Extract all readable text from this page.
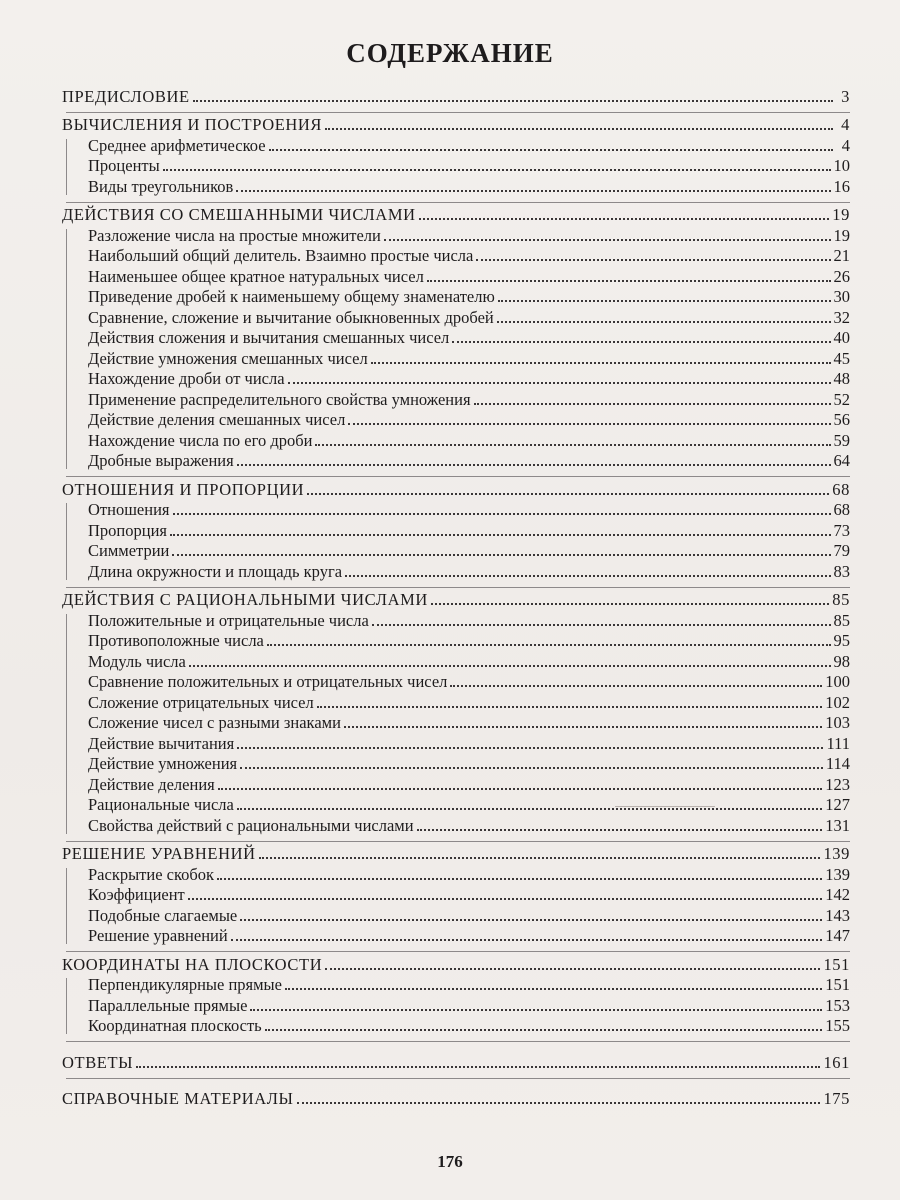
СОДЕРЖАНИЕ
ПРЕДИСЛОВИЕ	3
ВЫЧИСЛЕНИЯ И ПОСТРОЕНИЯ	4
Среднее арифметическое	4
Проценты	10
Виды треугольников	16
ДЕЙСТВИЯ СО СМЕШАННЫМИ ЧИСЛАМИ	19
Разложение числа на простые множители	19
Наибольший общий делитель. Взаимно простые числа	21
Наименьшее общее кратное натуральных чисел	26
Приведение дробей к наименьшему общему знаменателю	30
Сравнение, сложение и вычитание обыкновенных дробей	32
Действия сложения и вычитания смешанных чисел	40
Действие умножения смешанных чисел	45
Нахождение дроби от числа	48
Применение распределительного свойства умножения	52
Действие деления смешанных чисел	56
Нахождение числа по его дроби	59
Дробные выражения	64
ОТНОШЕНИЯ И ПРОПОРЦИИ	68
Отношения	68
Пропорция	73
Симметрии	79
Длина окружности и площадь круга	83
ДЕЙСТВИЯ С РАЦИОНАЛЬНЫМИ ЧИСЛАМИ	85
Положительные и отрицательные числа	85
Противоположные числа	95
Модуль числа	98
Сравнение положительных и отрицательных чисел	100
Сложение отрицательных чисел	102
Сложение чисел с разными знаками	103
Действие вычитания	111
Действие умножения	114
Действие деления	123
Рациональные числа	127
Свойства действий с рациональными числами	131
РЕШЕНИЕ УРАВНЕНИЙ	139
Раскрытие скобок	139
Коэффициент	142
Подобные слагаемые	143
Решение уравнений	147
КООРДИНАТЫ НА ПЛОСКОСТИ	151
Перпендикулярные прямые	151
Параллельные прямые	153
Координатная плоскость	155
ОТВЕТЫ	161
СПРАВОЧНЫЕ МАТЕРИАЛЫ	175
176
